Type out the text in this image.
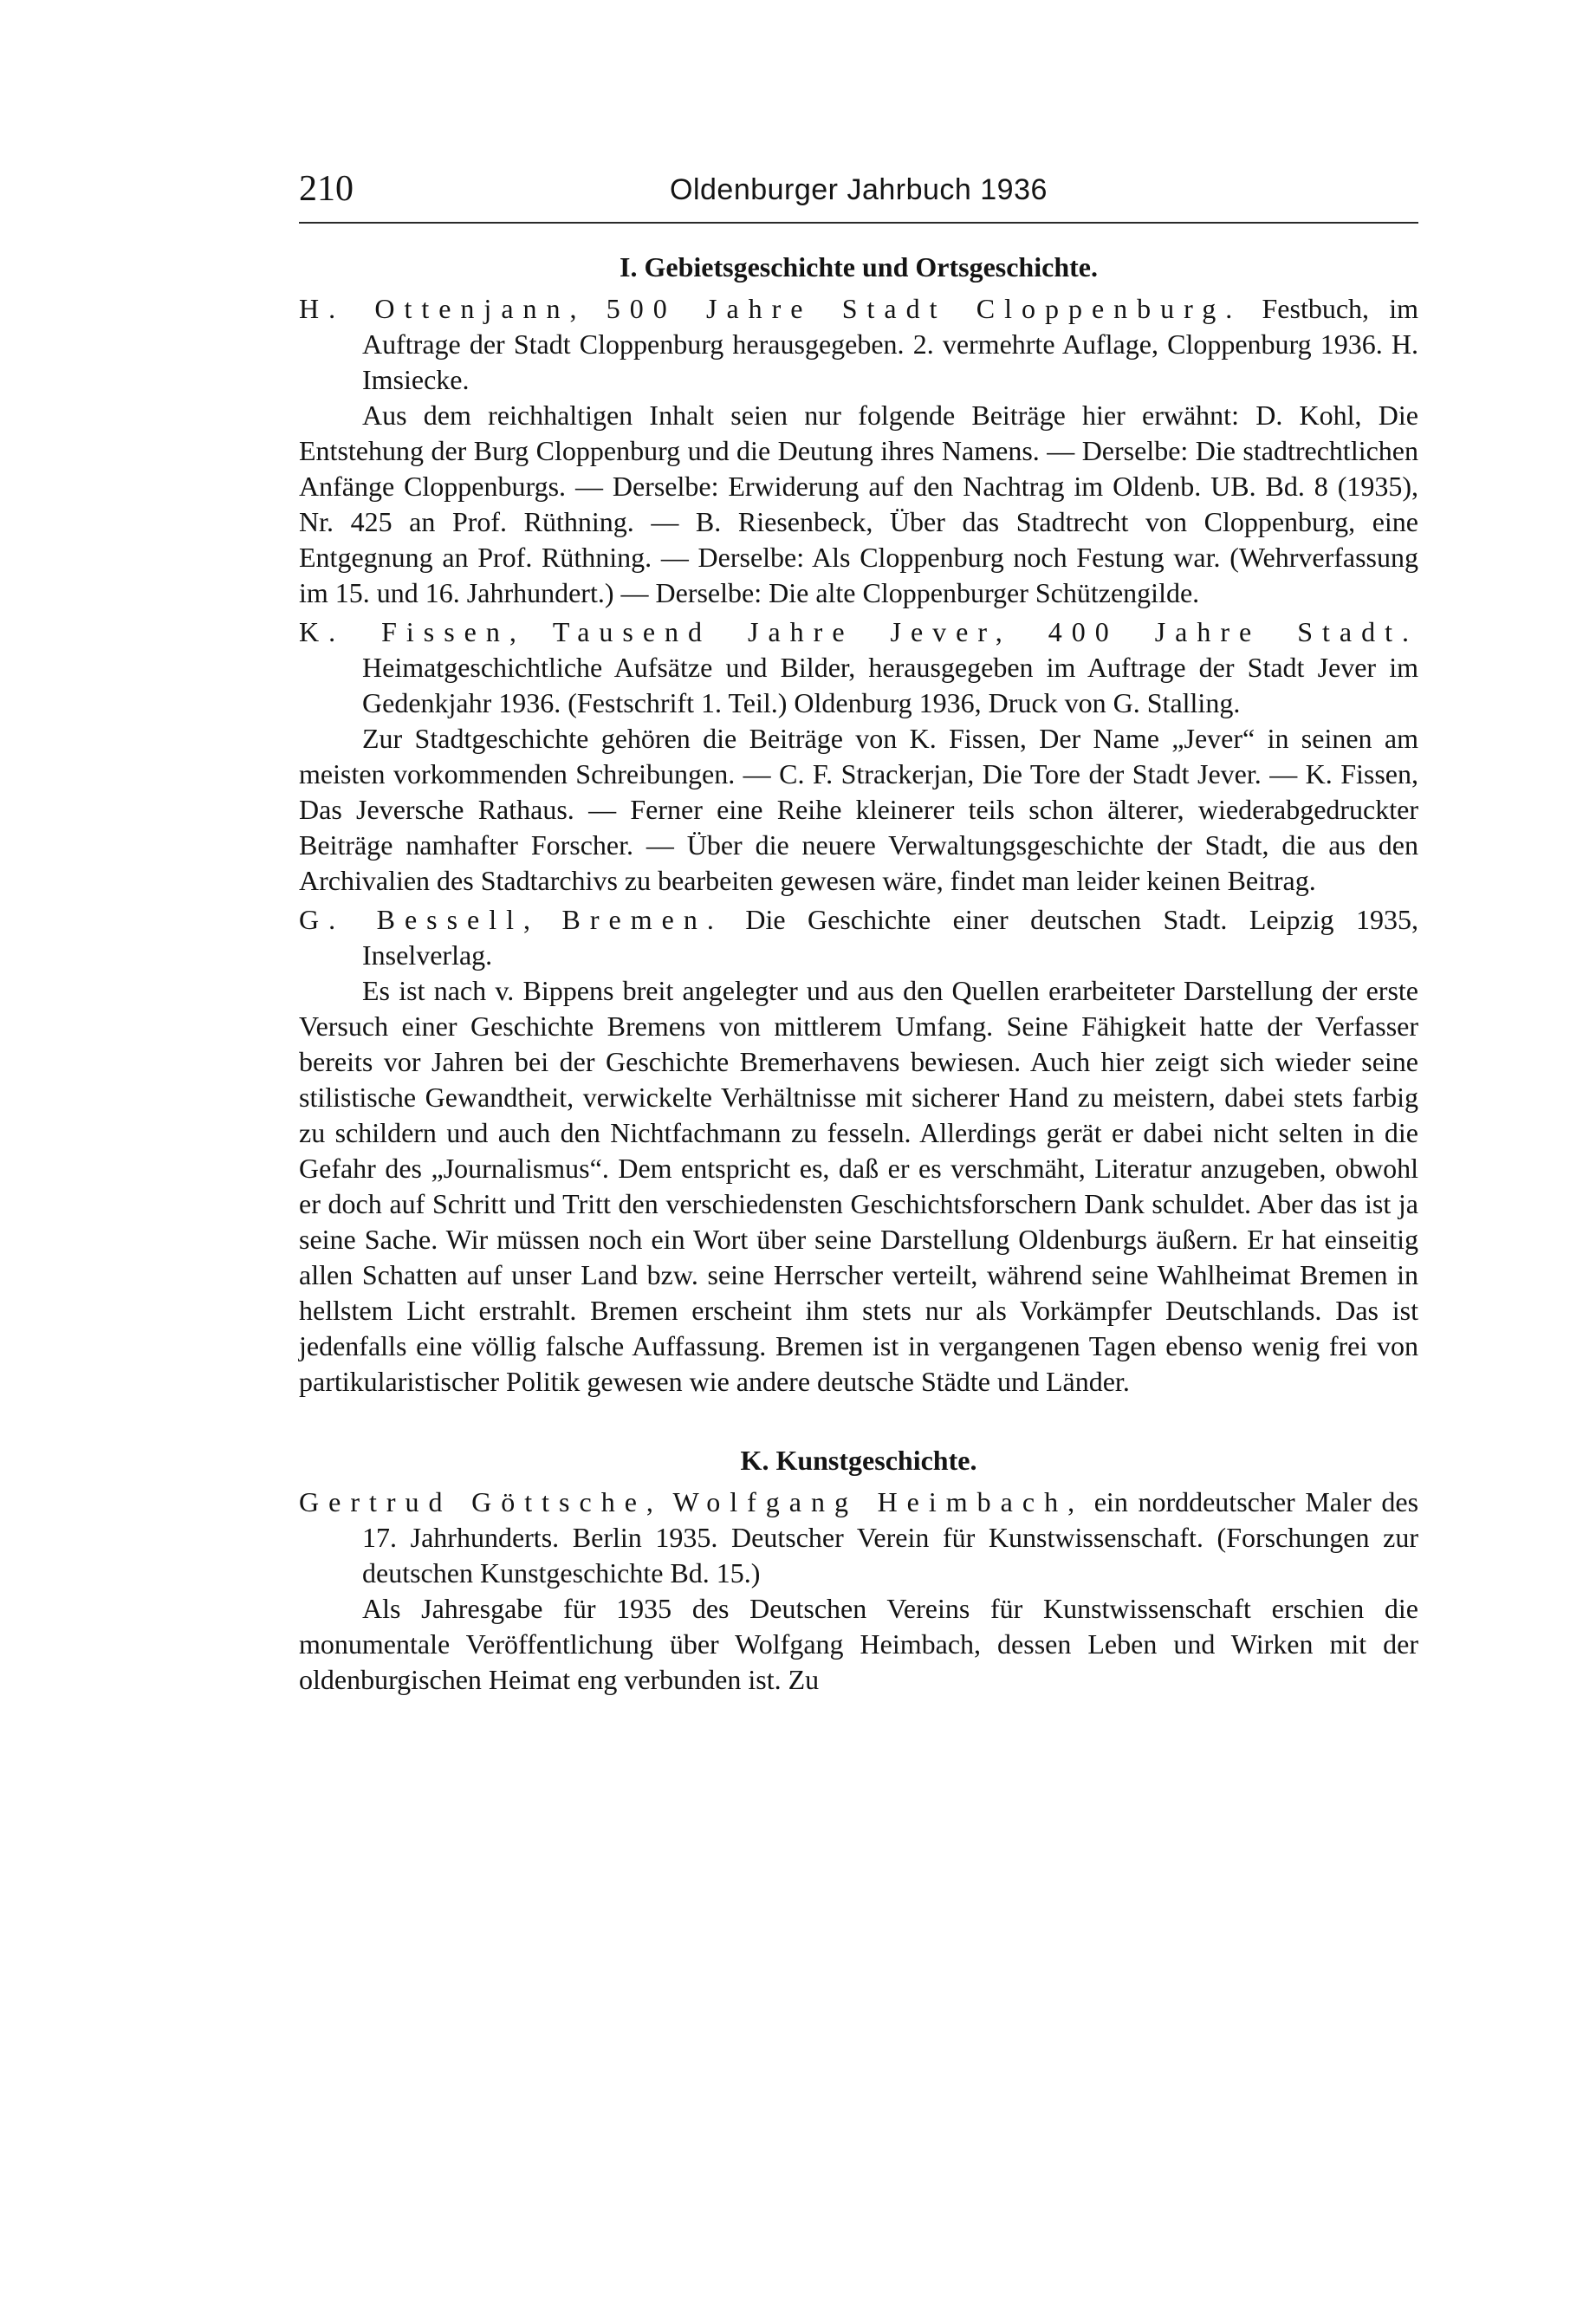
210	Oldenburger Jahrbuch 1936
I. Gebietsgeschichte und Ortsgeschichte.
H. Ottenjann, 500 Jahre Stadt Cloppenburg. Festbuch, im Auftrage der Stadt Cloppenburg herausgegeben. 2. vermehrte Auflage, Cloppenburg 1936. H. Imsiecke.
Aus dem reichhaltigen Inhalt seien nur folgende Beiträge hier erwähnt: D. Kohl, Die Entstehung der Burg Cloppenburg und die Deutung ihres Namens. — Derselbe: Die stadtrechtlichen Anfänge Cloppenburgs. — Derselbe: Erwiderung auf den Nachtrag im Oldenb. UB. Bd. 8 (1935), Nr. 425 an Prof. Rüthning. — B. Riesenbeck, Über das Stadtrecht von Cloppenburg, eine Entgegnung an Prof. Rüthning. — Derselbe: Als Cloppenburg noch Festung war. (Wehrverfassung im 15. und 16. Jahrhundert.) — Derselbe: Die alte Cloppenburger Schützengilde.
K. Fissen, Tausend Jahre Jever, 400 Jahre Stadt. Heimatgeschichtliche Aufsätze und Bilder, herausgegeben im Auftrage der Stadt Jever im Gedenkjahr 1936. (Festschrift 1. Teil.) Oldenburg 1936, Druck von G. Stalling.
Zur Stadtgeschichte gehören die Beiträge von K. Fissen, Der Name „Jever“ in seinen am meisten vorkommenden Schreibungen. — C. F. Strackerjan, Die Tore der Stadt Jever. — K. Fissen, Das Jeversche Rathaus. — Ferner eine Reihe kleinerer teils schon älterer, wiederabgedruckter Beiträge namhafter Forscher. — Über die neuere Verwaltungsgeschichte der Stadt, die aus den Archivalien des Stadtarchivs zu bearbeiten gewesen wäre, findet man leider keinen Beitrag.
G. Bessell, Bremen. Die Geschichte einer deutschen Stadt. Leipzig 1935, Inselverlag.
Es ist nach v. Bippens breit angelegter und aus den Quellen erarbeiteter Darstellung der erste Versuch einer Geschichte Bremens von mittlerem Umfang. Seine Fähigkeit hatte der Verfasser bereits vor Jahren bei der Geschichte Bremerhavens bewiesen. Auch hier zeigt sich wieder seine stilistische Gewandtheit, verwickelte Verhältnisse mit sicherer Hand zu meistern, dabei stets farbig zu schildern und auch den Nichtfachmann zu fesseln. Allerdings gerät er dabei nicht selten in die Gefahr des „Journalismus“. Dem entspricht es, daß er es verschmäht, Literatur anzugeben, obwohl er doch auf Schritt und Tritt den verschiedensten Geschichtsforschern Dank schuldet. Aber das ist ja seine Sache. Wir müssen noch ein Wort über seine Darstellung Oldenburgs äußern. Er hat einseitig allen Schatten auf unser Land bzw. seine Herrscher verteilt, während seine Wahlheimat Bremen in hellstem Licht erstrahlt. Bremen erscheint ihm stets nur als Vorkämpfer Deutschlands. Das ist jedenfalls eine völlig falsche Auffassung. Bremen ist in vergangenen Tagen ebenso wenig frei von partikularistischer Politik gewesen wie andere deutsche Städte und Länder.
K. Kunstgeschichte.
Gertrud Göttsche, Wolfgang Heimbach, ein norddeutscher Maler des 17. Jahrhunderts. Berlin 1935. Deutscher Verein für Kunstwissenschaft. (Forschungen zur deutschen Kunstgeschichte Bd. 15.)
Als Jahresgabe für 1935 des Deutschen Vereins für Kunstwissenschaft erschien die monumentale Veröffentlichung über Wolfgang Heimbach, dessen Leben und Wirken mit der oldenburgischen Heimat eng verbunden ist. Zu
